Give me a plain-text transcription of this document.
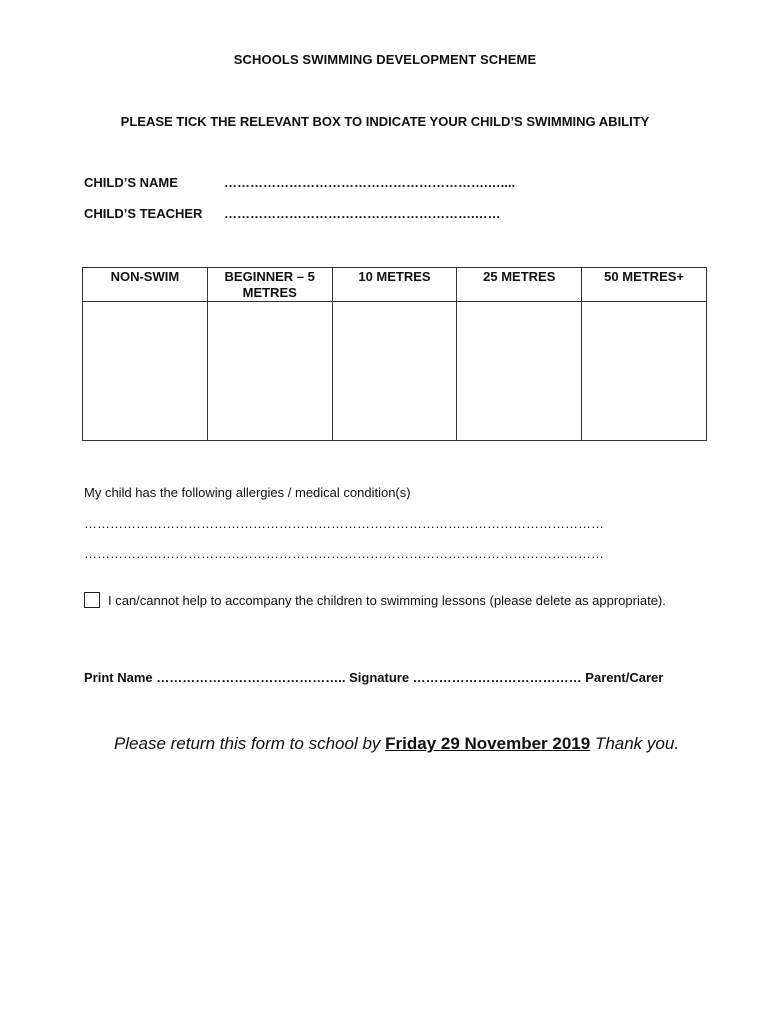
SCHOOLS SWIMMING DEVELOPMENT SCHEME
PLEASE TICK THE RELEVANT BOX TO INDICATE YOUR CHILD’S SWIMMING ABILITY
CHILD’S NAME	…………………………………………………….…....
CHILD’S TEACHER ………………………………………………….……
NON-SWIM	BEGINNER – 5 METRES	10 METRES	25 METRES	50 METRES+

My child has the following allergies / medical condition(s)
…………………………………………………………………………………………………………
…………………………………………………………………………………………………………
I can/cannot help to accompany the children to swimming lessons (please delete as appropriate).
Print Name …………………………………….. Signature ………………………………… Parent/Carer
Please return this form to school by Friday 29 November 2019 Thank you.
